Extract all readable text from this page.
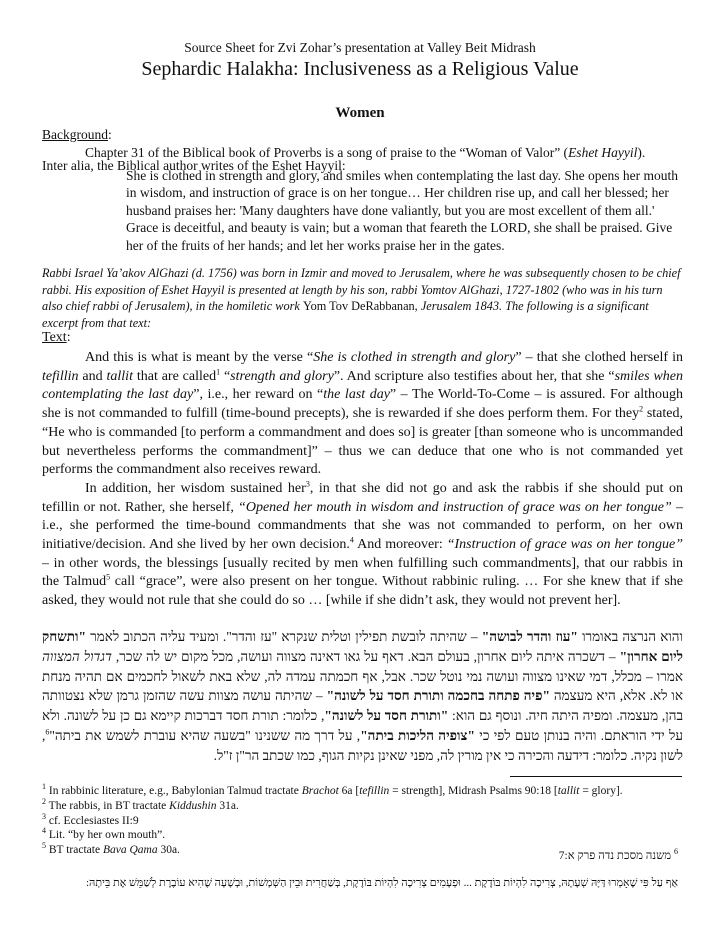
Source Sheet for Zvi Zohar’s presentation at Valley Beit Midrash
Sephardic Halakha: Inclusiveness as a Religious Value
Women
Background:
Chapter 31 of the Biblical book of Proverbs is a song of praise to the “Woman of Valor” (Eshet Hayyil).
Inter alia, the Biblical author writes of the Eshet Hayyil:
She is clothed in strength and glory, and smiles when contemplating the last day. She opens her mouth in wisdom, and instruction of grace is on her tongue… Her children rise up, and call her blessed; her husband praises her: 'Many daughters have done valiantly, but you are most excellent of them all.' Grace is deceitful, and beauty is vain; but a woman that feareth the LORD, she shall be praised. Give her of the fruits of her hands; and let her works praise her in the gates.
Rabbi Israel Ya’akov AlGhazi (d. 1756) was born in Izmir and moved to Jerusalem, where he was subsequently chosen to be chief rabbi. His exposition of Eshet Hayyil is presented at length by his son, rabbi Yomtov AlGhazi, 1727-1802 (who was in his turn also chief rabbi of Jerusalem), in the homiletic work Yom Tov DeRabbanan, Jerusalem 1843. The following is a significant excerpt from that text:
Text:

And this is what is meant by the verse “She is clothed in strength and glory” – that she clothed herself in tefillin and tallit that are called$^1$ “strength and glory”. And scripture also testifies about her, that she “smiles when contemplating the last day”, i.e., her reward on “the last day” – The World-To-Come – is assured. For although she is not commanded to fulfill (time-bound precepts), she is rewarded if she does perform them. For they$^2$ stated, “He who is commanded [to perform a commandment and does so] is greater [than someone who is uncommanded but nevertheless performs the commandment]” – thus we can deduce that one who is not commanded yet performs the commandment also receives reward.

In addition, her wisdom sustained her$^3$, in that she did not go and ask the rabbis if she should put on tefillin or not. Rather, she herself, “Opened her mouth in wisdom and instruction of grace was on her tongue” – i.e., she performed the time-bound commandments that she was not commanded to perform, on her own initiative/decision. And she lived by her own decision.$^4$ And moreover: “Instruction of grace was on her tongue” – in other words, the blessings [usually recited by men when fulfilling such commandments], that our rabbis in the Talmud$^5$ call “grace”, were also present on her tongue. Without rabbinic ruling. … For she knew that if she asked, they would not rule that she could do so … [while if she didn’t ask, they would not prevent her].

והוא הנרצה באומרו "עוז והדר לבושה" – שהיתה לובשת תפילין וטלית שנקרא "עז והדר". ומעיד עליה הכתוב לאמר "ותשחק ליום אחרון" – דשכרה איתה ליום אחרון, בעולם הבא. דאף על גאו דאינה מצווה ועושה, מכל מקום יש לה שכר, דגדול המצווה אמרו – מכלל, דמי שאינו מצווה ועושה נמי נוטל שכר. אבל, אף חכמתה עמדה לה, שלא באת לשאול לחכמים אם תהיה מנחת או לא. אלא, היא מעצמה "פיה פתחה בחכמה ותורת חסד על לשונה" – שהיתה עושה מצוות עשה שהזמן גרמן שלא נצטוותה בהן, מעצמה. ומפיה היתה חיה. ונוסף גם הוא: "ותורת חסד על לשונה", כלומר: תורת חסד דברכות קיימא גם כן על לשונה. ולא על ידי הוראתם. והיה בנותן טעם לפי כי "צופיה הליכות ביתה", על דרך מה ששנינו "בשעה שהיא עוברת לשמש את ביתה"$^6$, לשון נקיה. כלומר: דידעה והכירה כי אין מורין לה, מפני שאינן נקיות הגוף, כמו שכתב הר"ן ז"ל.
$^1$ In rabbinic literature, e.g., Babylonian Talmud tractate Brachot 6a [tefillin = strength], Midrash Psalms 90:18 [tallit = glory].
$^2$ The rabbis, in BT tractate Kiddushin 31a.
$^3$ cf. Ecclesiastes II:9
$^4$ Lit. “by her own mouth”.
$^5$ BT tractate Bava Qama 30a.	$^6$ משנה מסכת נדה פרק א:7
אַף עַל פִּי שֶׁאָמְרוּ דַּיָּהּ שְׁעָתָהּ, צְרִיכָה לִהְיוֹת בּוֹדֶקֶת ... וּפְעָמִים צְרִיכָה לִהְיוֹת בּוֹדֶקֶת, בְּשַׁחֲרִית וּבֵין הַשְּׁמָשׁוֹת, וּבְשָׁעָה שֶׁהִיא עוֹבֶרֶת לְשַׁמֵּשׁ אֶת בֵּיתָהּ:
